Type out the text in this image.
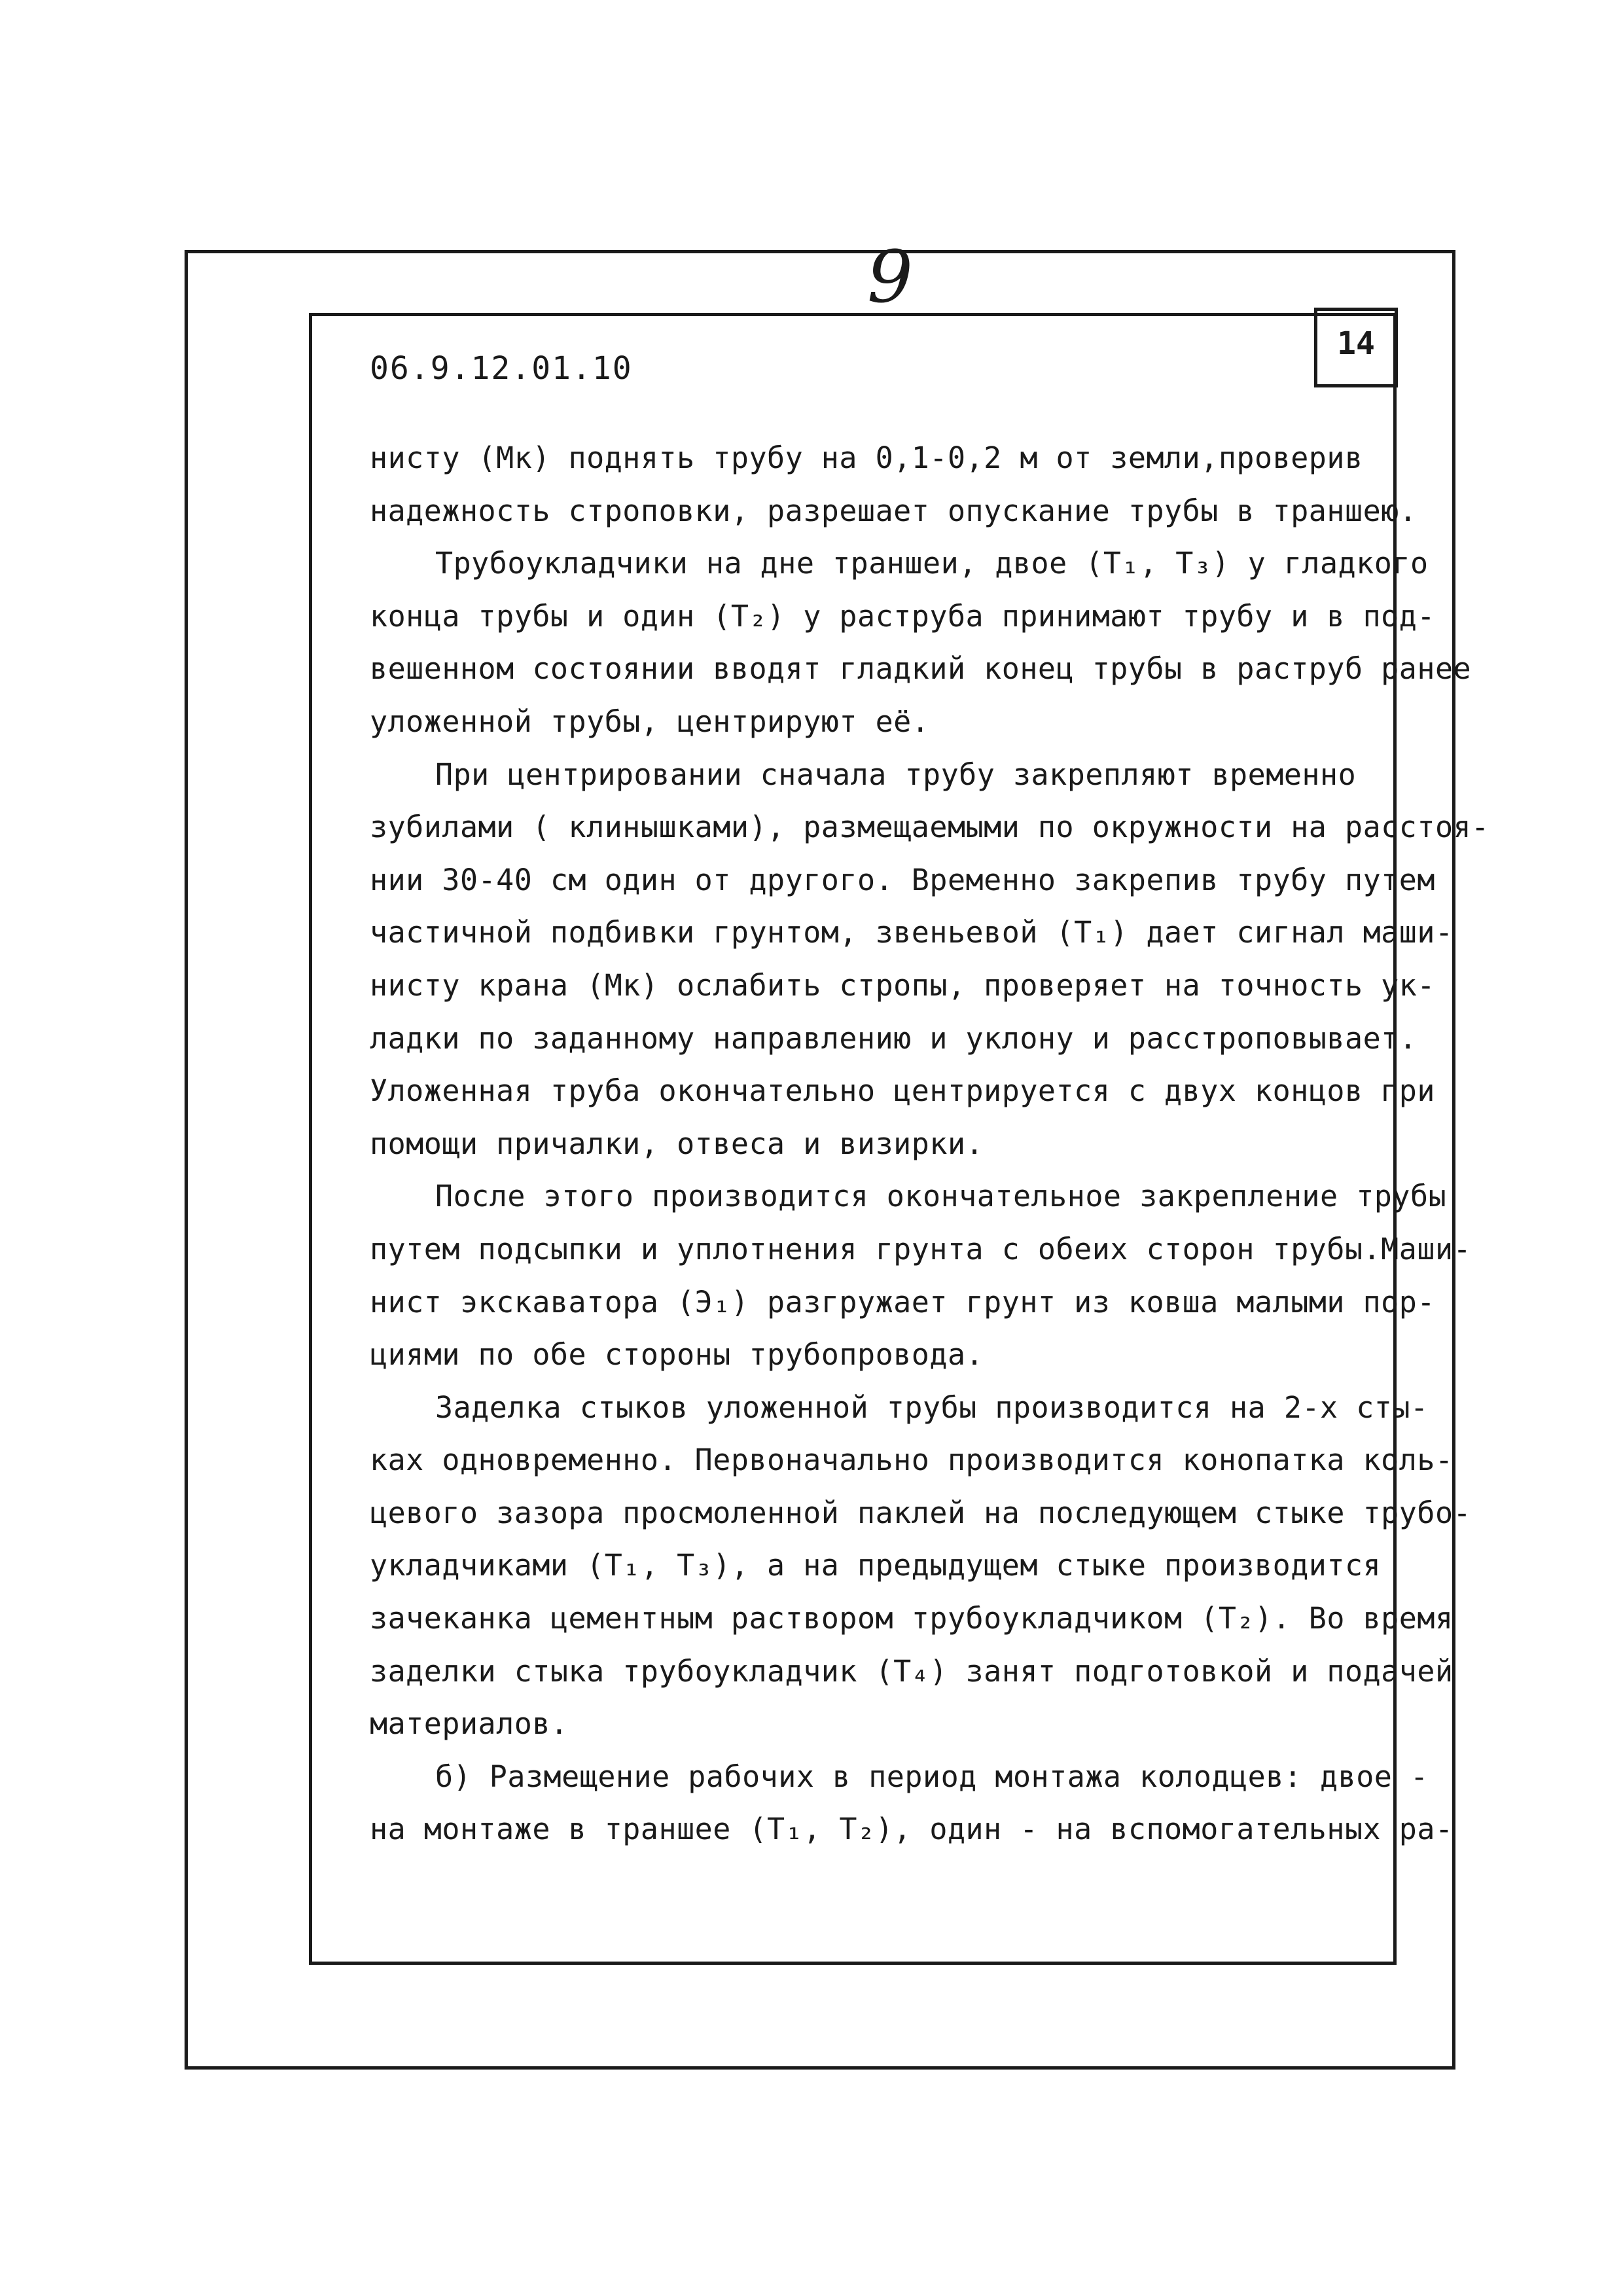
9
14
06.9.12.01.10
нисту (Мк) поднять трубу на 0,1-0,2 м от земли,проверив
надежность строповки, разрешает опускание трубы в траншею.
Трубоукладчики на дне траншеи, двое (T₁, T₃) у гладкого
конца трубы и один (T₂) у раструба принимают трубу и в под-
вешенном состоянии вводят гладкий конец трубы в раструб ранее
уложенной трубы, центрируют её.
При центрировании сначала трубу закрепляют временно
зубилами ( клинышками), размещаемыми по окружности на расстоя-
нии 30-40 см один от другого. Временно закрепив трубу путем
частичной подбивки грунтом, звеньевой (T₁) дает сигнал маши-
нисту крана (Мк) ослабить стропы, проверяет на точность ук-
ладки по заданному направлению и уклону и расстроповывает.
Уложенная труба окончательно центрируется с двух концов при
помощи причалки, отвеса и визирки.
После этого производится окончательное закрепление трубы
путем подсыпки и уплотнения грунта с обеих сторон трубы.Маши-
нист экскаватора (Э₁) разгружает грунт из ковша малыми пор-
циями по обе стороны трубопровода.
Заделка стыков уложенной трубы производится на 2-х сты-
ках одновременно. Первоначально производится конопатка коль-
цевого зазора просмоленной паклей на последующем стыке трубо-
укладчиками (T₁, T₃), а на предыдущем стыке производится
зачеканка цементным раствором трубоукладчиком (T₂). Во время
заделки стыка трубоукладчик (T₄) занят подготовкой и подачей
материалов.
б) Размещение рабочих в период монтажа колодцев: двое -
на монтаже в траншее (T₁, T₂), один - на вспомогательных ра-
